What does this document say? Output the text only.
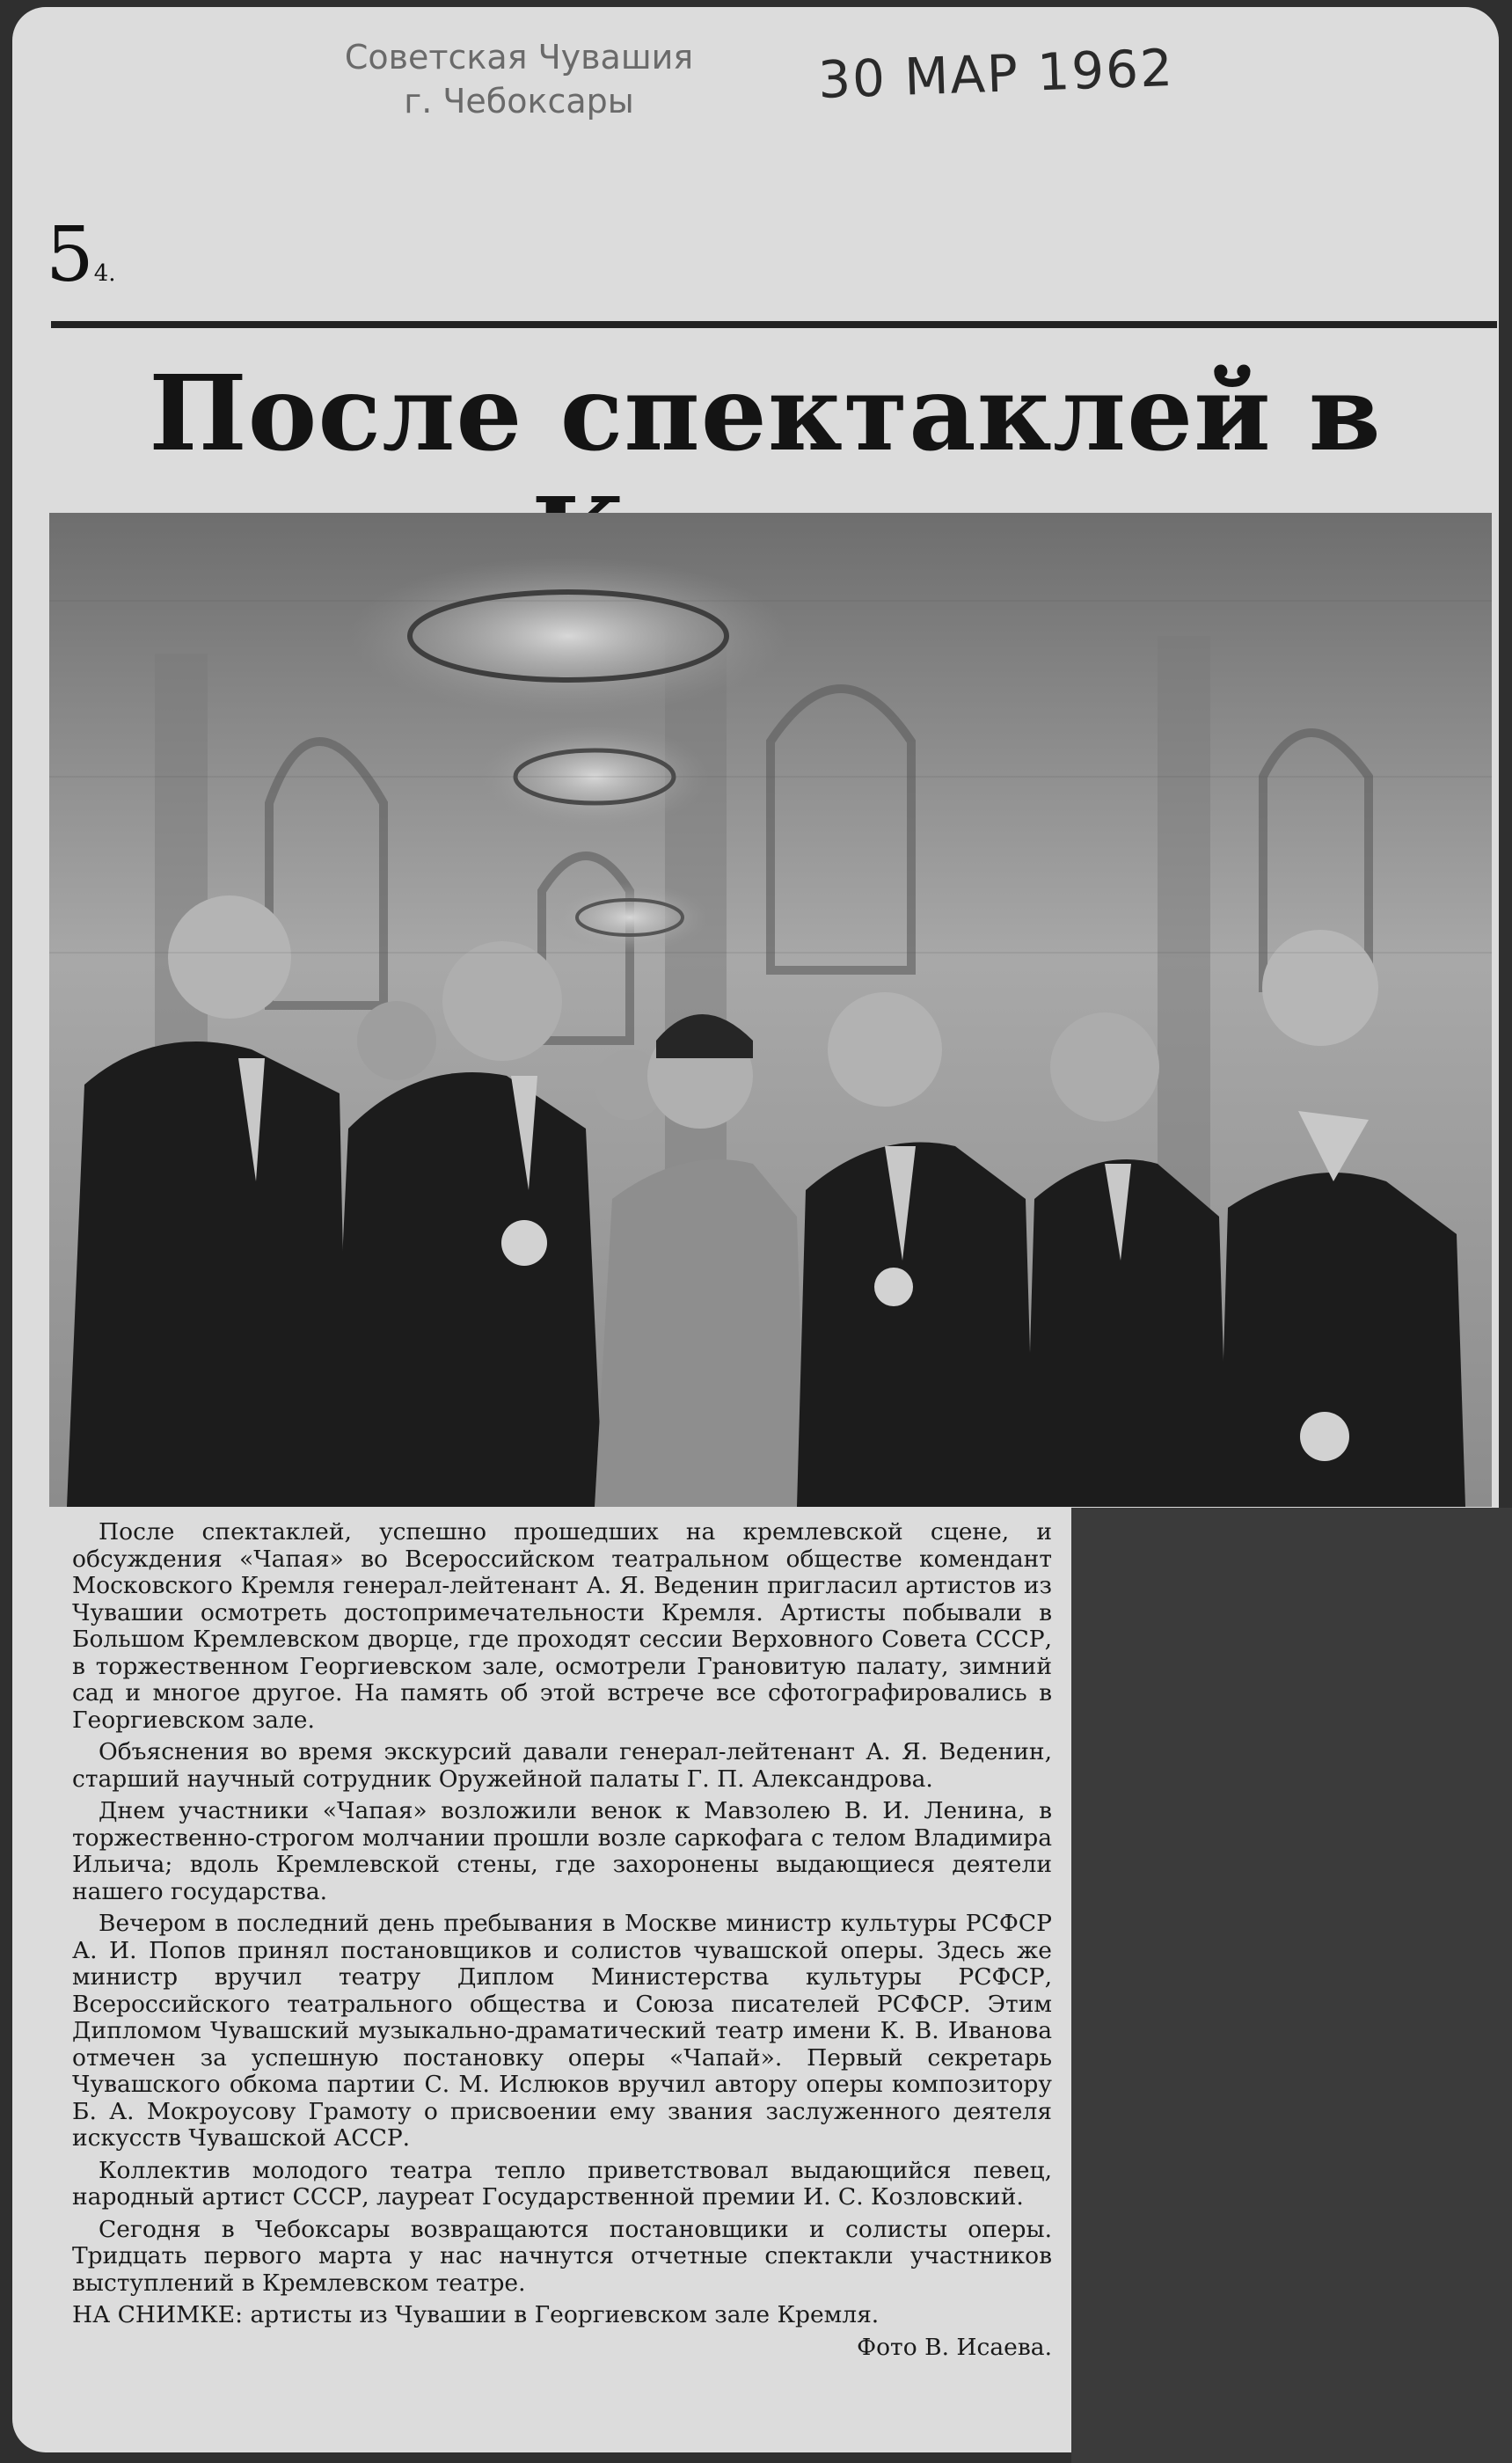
Советская Чувашия
г. Чебоксары	30 МАР 1962
54.
После спектаклей в

После спектаклей, успешно прошедших на кремлевской сцене, и обсуждения «Чапая» во Всероссийском театральном обществе комендант Московского Кремля генерал-лейтенант А. Я. Веденин пригласил артистов из Чувашии осмотреть достопримечательности Кремля. Артисты побывали в Большом Кремлевском дворце, где проходят сессии Верховного Совета СССР, в торжественном Георгиевском зале, осмотрели Грановитую палату, зимний сад и многое другое. На память об этой встрече все сфотографировались в Георгиевском зале.

Объяснения во время экскурсий давали генерал-лейтенант А. Я. Веденин, старший научный сотрудник Оружейной палаты Г. П. Александрова.

Днем участники «Чапая» возложили венок к Мавзолею В. И. Ленина, в торжественно-строгом молчании прошли возле саркофага с телом Владимира Ильича; вдоль Кремлевской стены, где захоронены выдающиеся деятели нашего государства.

Вечером в последний день пребывания в Москве министр культуры РСФСР А. И. Попов принял постановщиков и солистов чувашской оперы. Здесь же министр вручил театру Диплом Министерства культуры РСФСР, Всероссийского театрального общества и Союза писателей РСФСР. Этим Дипломом Чувашский музыкально-драматический театр имени К. В. Иванова отмечен за успешную постановку оперы «Чапай». Первый секретарь Чувашского обкома партии С. М. Ислюков вручил автору оперы композитору Б. А. Мокроусову Грамоту о присвоении ему звания заслуженного деятеля искусств Чувашской АССР.

Коллектив молодого театра тепло приветствовал выдающийся певец, народный артист СССР, лауреат Государственной премии И. С. Козловский.

Сегодня в Чебоксары возвращаются постановщики и солисты оперы. Тридцать первого марта у нас начнутся отчетные спектакли участников выступлений в Кремлевском театре.

НА СНИМКЕ: артисты из Чувашии в Георгиевском зале Кремля.

Фото В. Исаева.
